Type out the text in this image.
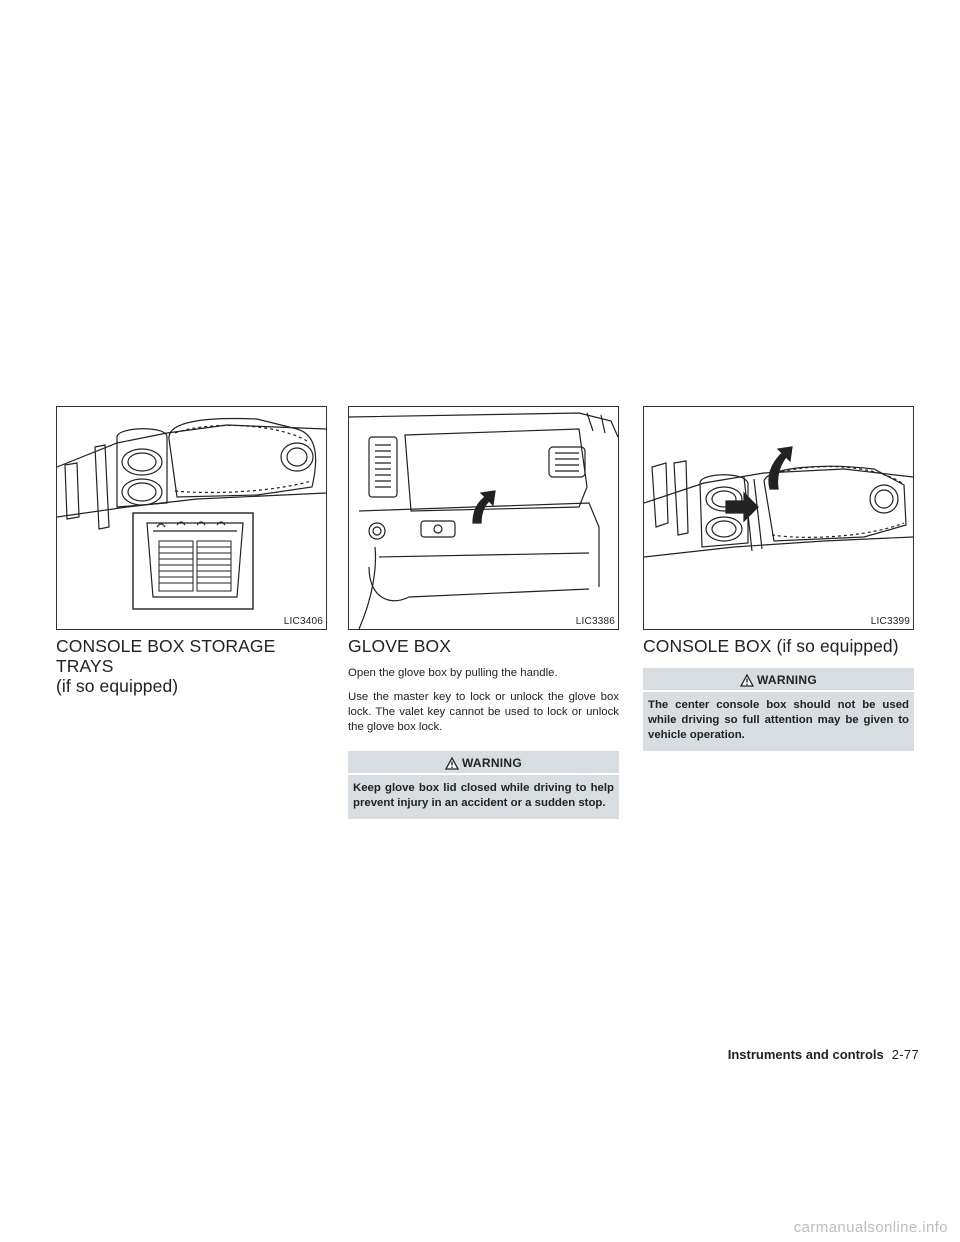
LIC3406
CONSOLE BOX STORAGE TRAYS
(if so equipped)
LIC3386
GLOVE BOX

Open the glove box by pulling the handle.

Use the master key to lock or unlock the glove box lock. The valet key cannot be used to lock or unlock the glove box lock.

WARNING
Keep glove box lid closed while driving to help prevent injury in an accident or a sudden stop.
LIC3399
CONSOLE BOX (if so equipped)
WARNING
The center console box should not be used while driving so full attention may be given to vehicle operation.
Instruments and controls 2-77
carmanualsonline.info
